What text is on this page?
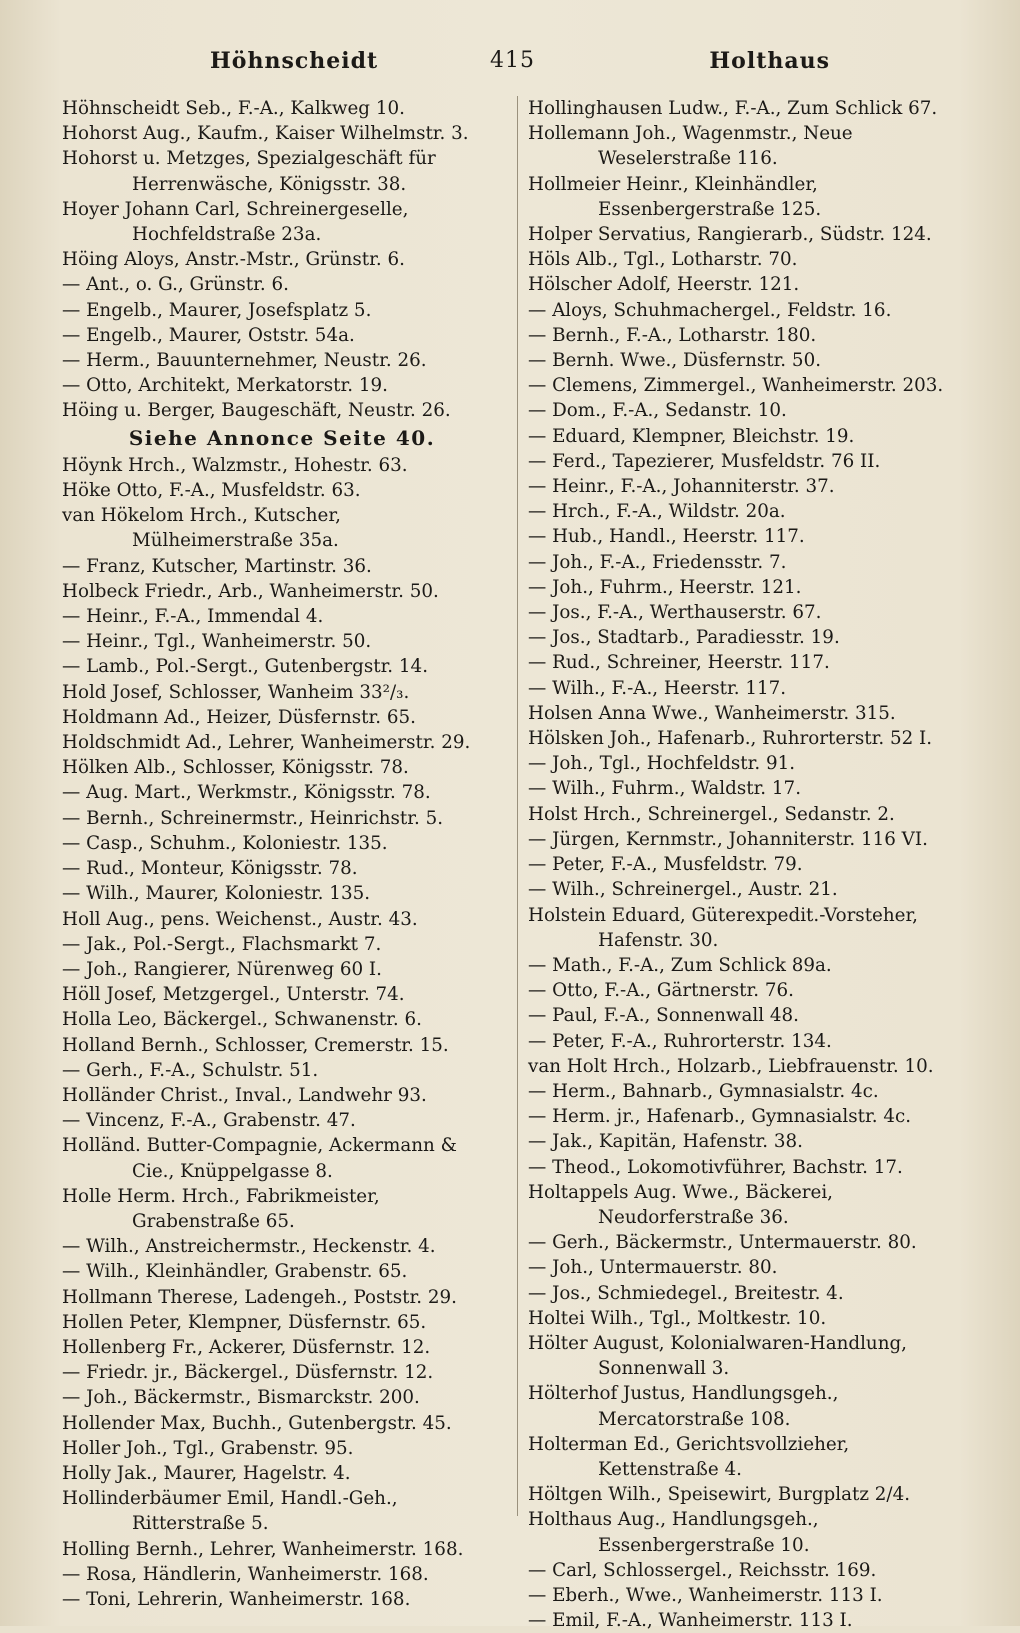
Höhnscheidt	415	Holthaus

Höhnscheidt Seb., F.-A., Kalkweg 10.

Hohorst Aug., Kaufm., Kaiser Wilhelmstr. 3.

Hohorst u. Metzges, Spezialgeschäft für Herrenwäsche, Königsstr. 38.

Hoyer Johann Carl, Schreinergeselle, Hochfeldstraße 23a.

Höing Aloys, Anstr.-Mstr., Grünstr. 6.

— Ant., o. G., Grünstr. 6.

— Engelb., Maurer, Josefsplatz 5.

— Engelb., Maurer, Oststr. 54a.

— Herm., Bauunternehmer, Neustr. 26.

— Otto, Architekt, Merkatorstr. 19.

Höing u. Berger, Baugeschäft, Neustr. 26.

Siehe Annonce Seite 40.

Höynk Hrch., Walzmstr., Hohestr. 63.

Höke Otto, F.-A., Musfeldstr. 63.

van Hökelom Hrch., Kutscher, Mülheimerstraße 35a.

— Franz, Kutscher, Martinstr. 36.

Holbeck Friedr., Arb., Wanheimerstr. 50.

— Heinr., F.-A., Immendal 4.

— Heinr., Tgl., Wanheimerstr. 50.

— Lamb., Pol.-Sergt., Gutenbergstr. 14.

Hold Josef, Schlosser, Wanheim 33²/₃.

Holdmann Ad., Heizer, Düsfernstr. 65.

Holdschmidt Ad., Lehrer, Wanheimerstr. 29.

Hölken Alb., Schlosser, Königsstr. 78.

— Aug. Mart., Werkmstr., Königsstr. 78.

— Bernh., Schreinermstr., Heinrichstr. 5.

— Casp., Schuhm., Koloniestr. 135.

— Rud., Monteur, Königsstr. 78.

— Wilh., Maurer, Koloniestr. 135.

Holl Aug., pens. Weichenst., Austr. 43.

— Jak., Pol.-Sergt., Flachsmarkt 7.

— Joh., Rangierer, Nürenweg 60 I.

Höll Josef, Metzgergel., Unterstr. 74.

Holla Leo, Bäckergel., Schwanenstr. 6.

Holland Bernh., Schlosser, Cremerstr. 15.

— Gerh., F.-A., Schulstr. 51.

Holländer Christ., Inval., Landwehr 93.

— Vincenz, F.-A., Grabenstr. 47.

Holländ. Butter-Compagnie, Ackermann & Cie., Knüppelgasse 8.

Holle Herm. Hrch., Fabrikmeister, Grabenstraße 65.

— Wilh., Anstreichermstr., Heckenstr. 4.

— Wilh., Kleinhändler, Grabenstr. 65.

Hollmann Therese, Ladengeh., Poststr. 29.

Hollen Peter, Klempner, Düsfernstr. 65.

Hollenberg Fr., Ackerer, Düsfernstr. 12.

— Friedr. jr., Bäckergel., Düsfernstr. 12.

— Joh., Bäckermstr., Bismarckstr. 200.

Hollender Max, Buchh., Gutenbergstr. 45.

Holler Joh., Tgl., Grabenstr. 95.

Holly Jak., Maurer, Hagelstr. 4.

Hollinderbäumer Emil, Handl.-Geh., Ritterstraße 5.

Holling Bernh., Lehrer, Wanheimerstr. 168.

— Rosa, Händlerin, Wanheimerstr. 168.

— Toni, Lehrerin, Wanheimerstr. 168.

Hollinghausen Ludw., F.-A., Zum Schlick 67.

Hollemann Joh., Wagenmstr., Neue Weselerstraße 116.

Hollmeier Heinr., Kleinhändler, Essenbergerstraße 125.

Holper Servatius, Rangierarb., Südstr. 124.

Höls Alb., Tgl., Lotharstr. 70.

Hölscher Adolf, Heerstr. 121.

— Aloys, Schuhmachergel., Feldstr. 16.

— Bernh., F.-A., Lotharstr. 180.

— Bernh. Wwe., Düsfernstr. 50.

— Clemens, Zimmergel., Wanheimerstr. 203.

— Dom., F.-A., Sedanstr. 10.

— Eduard, Klempner, Bleichstr. 19.

— Ferd., Tapezierer, Musfeldstr. 76 II.

— Heinr., F.-A., Johanniterstr. 37.

— Hrch., F.-A., Wildstr. 20a.

— Hub., Handl., Heerstr. 117.

— Joh., F.-A., Friedensstr. 7.

— Joh., Fuhrm., Heerstr. 121.

— Jos., F.-A., Werthauserstr. 67.

— Jos., Stadtarb., Paradiesstr. 19.

— Rud., Schreiner, Heerstr. 117.

— Wilh., F.-A., Heerstr. 117.

Holsen Anna Wwe., Wanheimerstr. 315.

Hölsken Joh., Hafenarb., Ruhrorterstr. 52 I.

— Joh., Tgl., Hochfeldstr. 91.

— Wilh., Fuhrm., Waldstr. 17.

Holst Hrch., Schreinergel., Sedanstr. 2.

— Jürgen, Kernmstr., Johanniterstr. 116 VI.

— Peter, F.-A., Musfeldstr. 79.

— Wilh., Schreinergel., Austr. 21.

Holstein Eduard, Güterexpedit.-Vorsteher, Hafenstr. 30.

— Math., F.-A., Zum Schlick 89a.

— Otto, F.-A., Gärtnerstr. 76.

— Paul, F.-A., Sonnenwall 48.

— Peter, F.-A., Ruhrorterstr. 134.

van Holt Hrch., Holzarb., Liebfrauenstr. 10.

— Herm., Bahnarb., Gymnasialstr. 4c.

— Herm. jr., Hafenarb., Gymnasialstr. 4c.

— Jak., Kapitän, Hafenstr. 38.

— Theod., Lokomotivführer, Bachstr. 17.

Holtappels Aug. Wwe., Bäckerei, Neudorferstraße 36.

— Gerh., Bäckermstr., Untermauerstr. 80.

— Joh., Untermauerstr. 80.

— Jos., Schmiedegel., Breitestr. 4.

Holtei Wilh., Tgl., Moltkestr. 10.

Hölter August, Kolonialwaren-Handlung, Sonnenwall 3.

Hölterhof Justus, Handlungsgeh., Mercatorstraße 108.

Holterman Ed., Gerichtsvollzieher, Kettenstraße 4.

Höltgen Wilh., Speisewirt, Burgplatz 2/4.

Holthaus Aug., Handlungsgeh., Essenbergerstraße 10.

— Carl, Schlossergel., Reichsstr. 169.

— Eberh., Wwe., Wanheimerstr. 113 I.

— Emil, F.-A., Wanheimerstr. 113 I.
